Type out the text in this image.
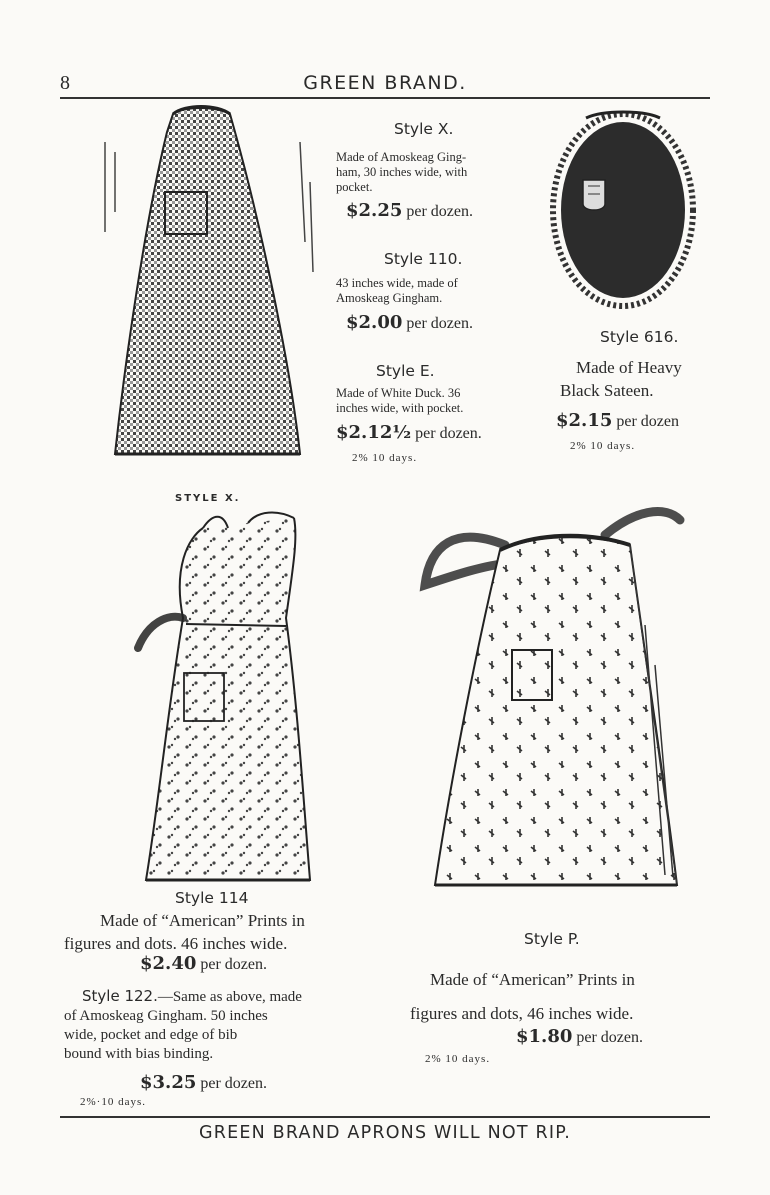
8	GREEN BRAND.
STYLE X.
Style X.
Made of Amoskeag Ging-
ham, 30 inches wide, with
pocket.
$2.25 per dozen.
Style 110.
43 inches wide, made of
Amoskeag Gingham.
$2.00 per dozen.
Style E.
Made of White Duck. 36
inches wide, with pocket.
$2.12½ per dozen.
2% 10 days.
Style 616.
Made of Heavy
Black Sateen.
$2.15 per dozen
2% 10 days.
Style 114
Made of “American” Prints in
figures and dots. 46 inches wide.
$2.40 per dozen.
Style 122.—Same as above, made
of Amoskeag Gingham. 50 inches
wide, pocket and edge of bib
bound with bias binding.
$3.25 per dozen.
2%·10 days.
Style P.
Made of “American” Prints in
figures and dots, 46 inches wide.
$1.80 per dozen.
2% 10 days.
GREEN BRAND APRONS WILL NOT RIP.
